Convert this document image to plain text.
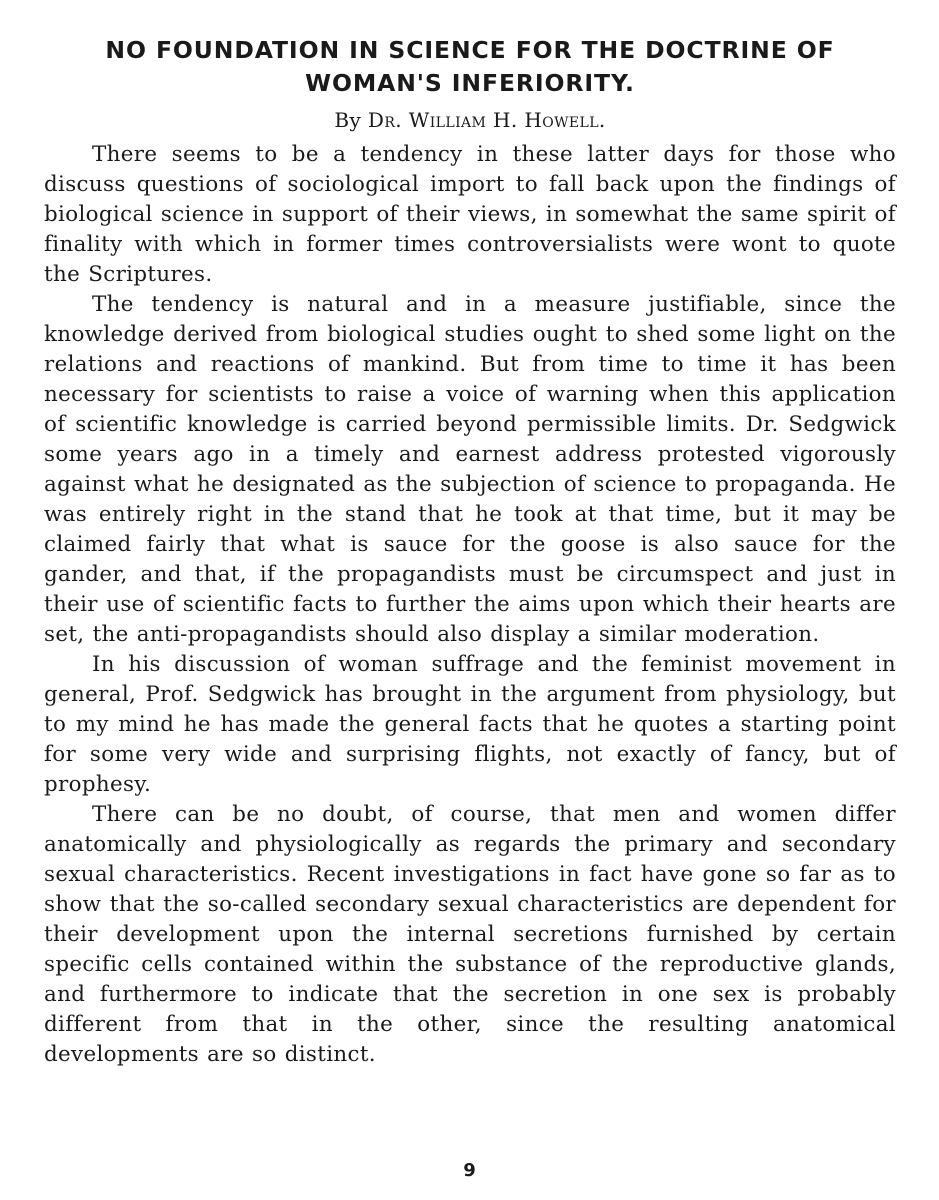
NO FOUNDATION IN SCIENCE FOR THE DOCTRINE OF
WOMAN'S INFERIORITY.
By Dr. William H. Howell.

There seems to be a tendency in these latter days for those who discuss questions of sociological import to fall back upon the findings of biological science in support of their views, in somewhat the same spirit of finality with which in former times controversialists were wont to quote the Scriptures.

The tendency is natural and in a measure justifiable, since the knowledge derived from biological studies ought to shed some light on the relations and reactions of mankind. But from time to time it has been necessary for scientists to raise a voice of warning when this application of scientific knowledge is carried beyond permissible limits. Dr. Sedgwick some years ago in a timely and earnest address protested vigorously against what he designated as the subjection of science to propaganda. He was entirely right in the stand that he took at that time, but it may be claimed fairly that what is sauce for the goose is also sauce for the gander, and that, if the propagandists must be circumspect and just in their use of scientific facts to further the aims upon which their hearts are set, the anti-propagandists should also display a similar moderation.

In his discussion of woman suffrage and the feminist movement in general, Prof. Sedgwick has brought in the argument from physiology, but to my mind he has made the general facts that he quotes a starting point for some very wide and surprising flights, not exactly of fancy, but of prophesy.

There can be no doubt, of course, that men and women differ anatomically and physiologically as regards the primary and secondary sexual characteristics. Recent investigations in fact have gone so far as to show that the so-called secondary sexual characteristics are dependent for their development upon the internal secretions furnished by certain specific cells contained within the substance of the reproductive glands, and furthermore to indicate that the secretion in one sex is probably different from that in the other, since the resulting anatomical developments are so distinct.

9
